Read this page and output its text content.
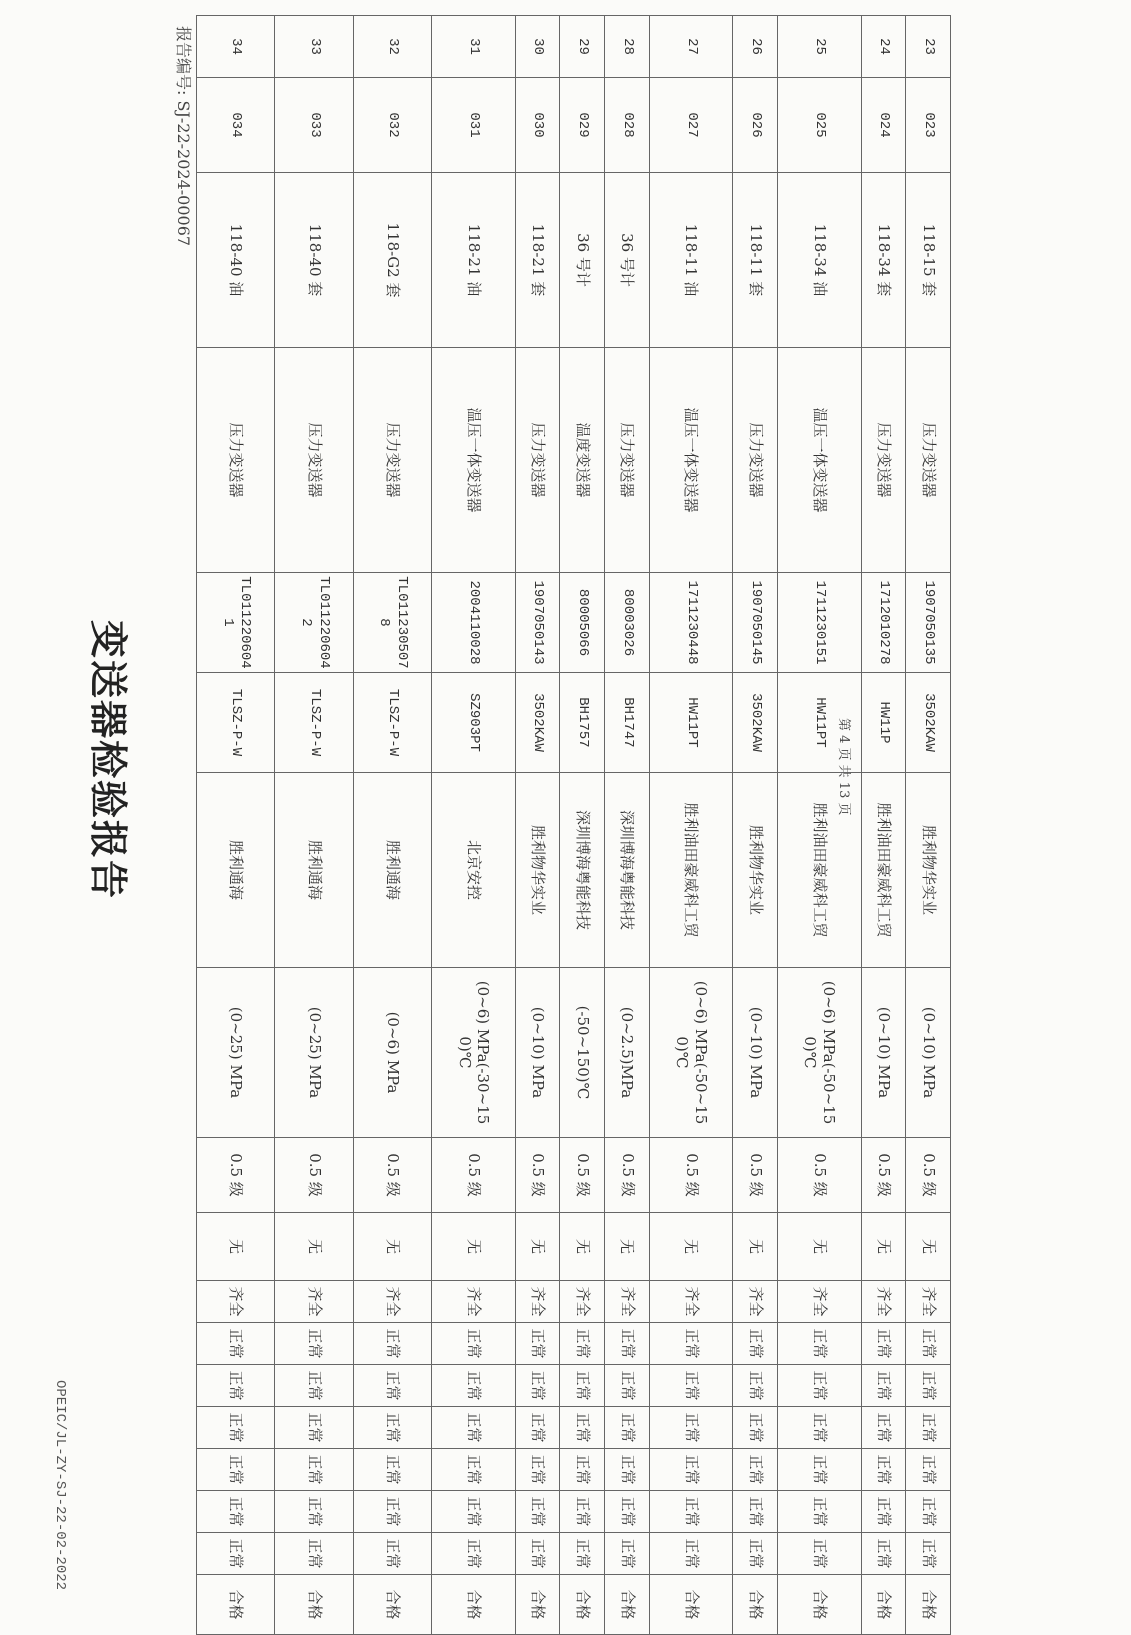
变送器检验报告
报告编号: SJ-22-2024-00067
OPEIC/JL-ZY-SJ-22-02-2022
第 4 页 共 13 页
23	023	118-15 套	压力变送器	1907050135	3502KAW	胜利物华实业	(0~10) MPa	0.5 级	无	齐全	正常	正常	正常	正常	正常	正常	合格
24	024	118-34 套	压力变送器	1712010278	HW11P	胜利油田豪威科工贸	(0~10) MPa	0.5 级	无	齐全	正常	正常	正常	正常	正常	正常	合格
25	025	118-34 油	温压一体变送器	1711230151	HW11PT	胜利油田豪威科工贸	(0~6) MPa(-50~150)℃	0.5 级	无	齐全	正常	正常	正常	正常	正常	正常	合格
26	026	118-11 套	压力变送器	1907050145	3502KAW	胜利物华实业	(0~10) MPa	0.5 级	无	齐全	正常	正常	正常	正常	正常	正常	合格
27	027	118-11 油	温压一体变送器	1711230448	HW11PT	胜利油田豪威科工贸	(0~6) MPa(-50~150)℃	0.5 级	无	齐全	正常	正常	正常	正常	正常	正常	合格
28	028	36 号计	压力变送器	80003026	BH1747	深圳博海粤能科技	(0~2.5)MPa	0.5 级	无	齐全	正常	正常	正常	正常	正常	正常	合格
29	029	36 号计	温度变送器	80005066	BH1757	深圳博海粤能科技	(-50~150)℃	0.5 级	无	齐全	正常	正常	正常	正常	正常	正常	合格
30	030	118-21 套	压力变送器	1907050143	3502KAW	胜利物华实业	(0~10) MPa	0.5 级	无	齐全	正常	正常	正常	正常	正常	正常	合格
31	031	118-21 油	温压一体变送器	2004110028	SZ903PT	北京安控	(0~6) MPa(-30~150)℃	0.5 级	无	齐全	正常	正常	正常	正常	正常	正常	合格
32	032	118-G2 套	压力变送器	TL0112305078	TLSZ-P-W	胜利通海	(0~6) MPa	0.5 级	无	齐全	正常	正常	正常	正常	正常	正常	合格
33	033	118-40 套	压力变送器	TL0112206042	TLSZ-P-W	胜利通海	(0~25) MPa	0.5 级	无	齐全	正常	正常	正常	正常	正常	正常	合格
34	034	118-40 油	压力变送器	TL0112206041	TLSZ-P-W	胜利通海	(0~25) MPa	0.5 级	无	齐全	正常	正常	正常	正常	正常	正常	合格
